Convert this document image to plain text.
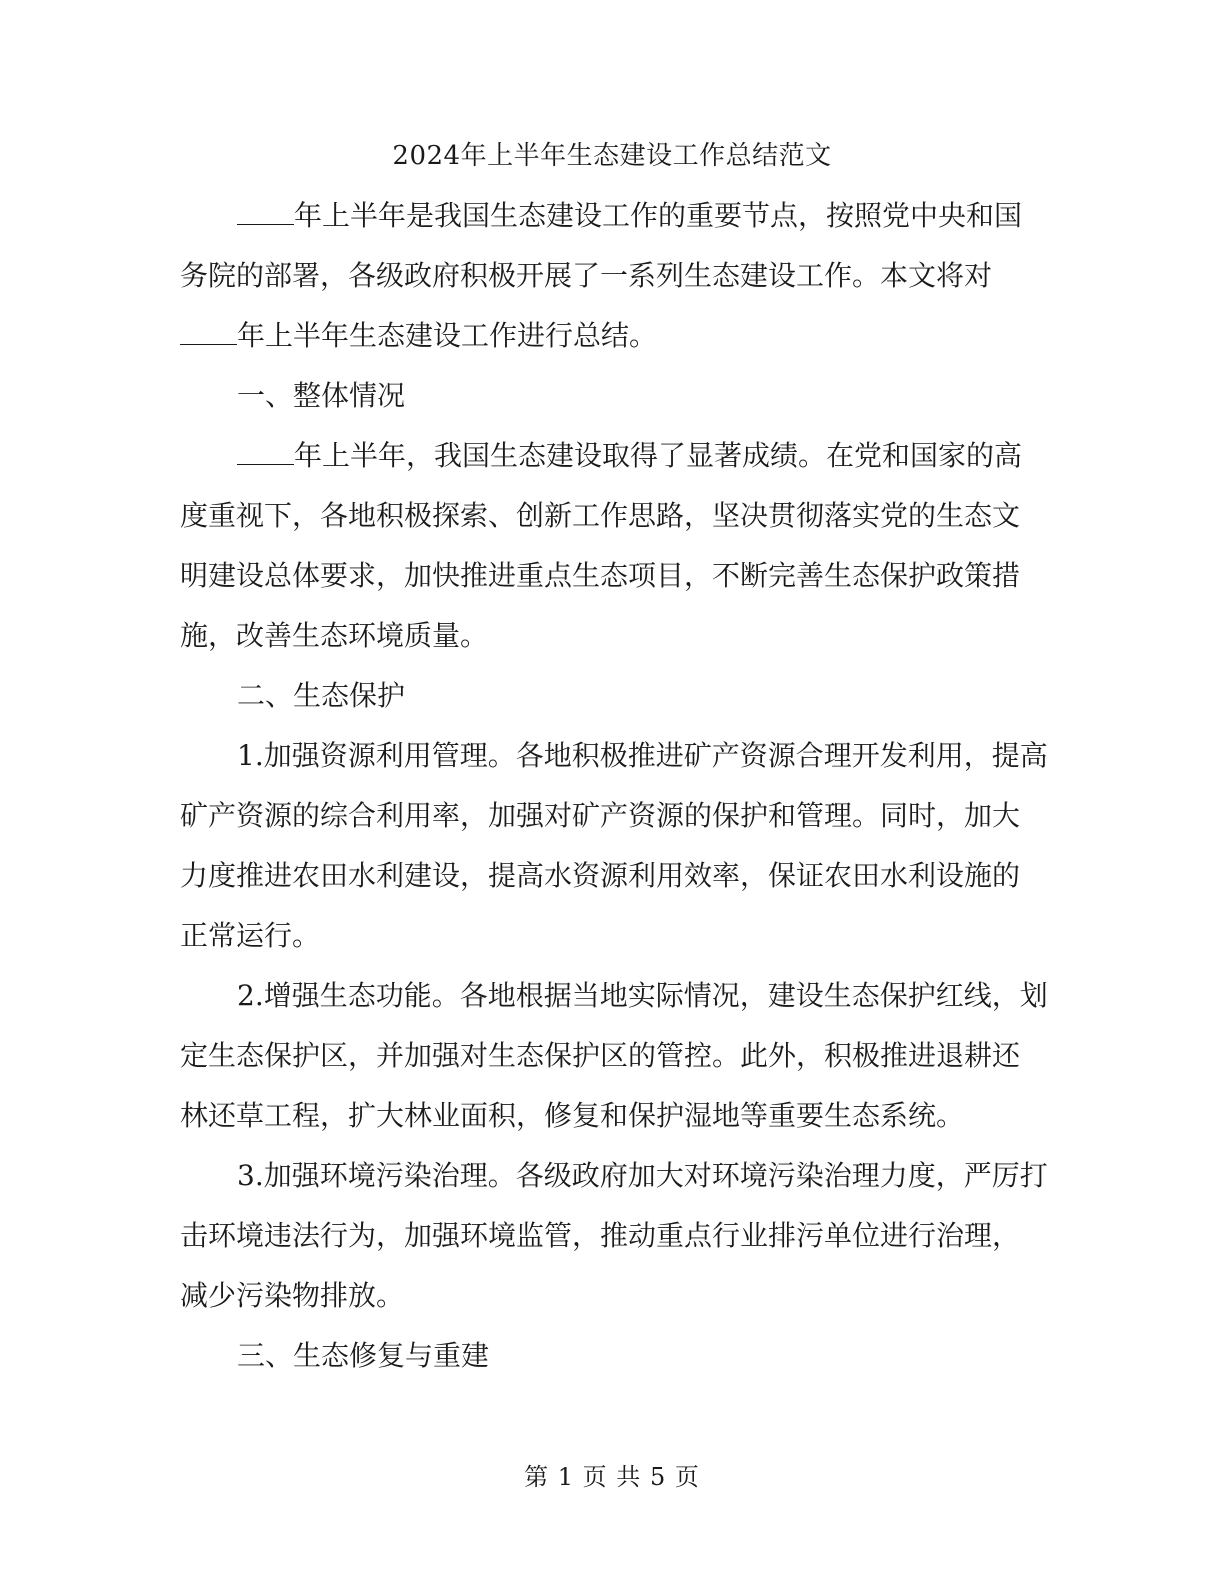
2024年上半年生态建设工作总结范文
年上半年是我国生态建设工作的重要节点，按照党中央和国
务院的部署，各级政府积极开展了一系列生态建设工作。本文将对
年上半年生态建设工作进行总结。
一、整体情况
年上半年，我国生态建设取得了显著成绩。在党和国家的高
度重视下，各地积极探索、创新工作思路，坚决贯彻落实党的生态文
明建设总体要求，加快推进重点生态项目，不断完善生态保护政策措
施，改善生态环境质量。
二、生态保护
1.加强资源利用管理。各地积极推进矿产资源合理开发利用，提高
矿产资源的综合利用率，加强对矿产资源的保护和管理。同时，加大
力度推进农田水利建设，提高水资源利用效率，保证农田水利设施的
正常运行。
2.增强生态功能。各地根据当地实际情况，建设生态保护红线，划
定生态保护区，并加强对生态保护区的管控。此外，积极推进退耕还
林还草工程，扩大林业面积，修复和保护湿地等重要生态系统。
3.加强环境污染治理。各级政府加大对环境污染治理力度，严厉打
击环境违法行为，加强环境监管，推动重点行业排污单位进行治理，
减少污染物排放。
三、生态修复与重建
第 1 页 共 5 页
